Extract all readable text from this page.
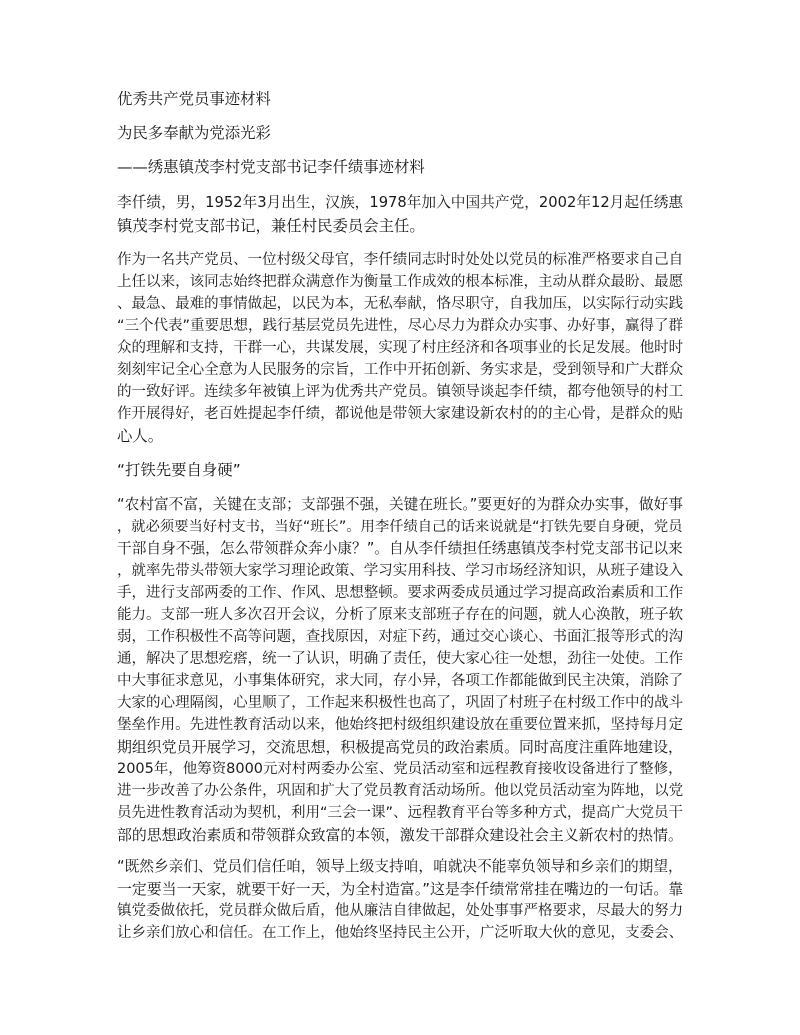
优秀共产党员事迹材料
为民多奉献为党添光彩
——绣惠镇茂李村党支部书记李仟绩事迹材料
李仟绩，男，1952年3月出生，汉族，1978年加入中国共产党，2002年12月起任绣惠
镇茂李村党支部书记，兼任村民委员会主任。
作为一名共产党员、一位村级父母官，李仟绩同志时时处处以党员的标准严格要求自己自
上任以来，该同志始终把群众满意作为衡量工作成效的根本标准，主动从群众最盼、最愿
、最急、最难的事情做起，以民为本，无私奉献，恪尽职守，自我加压，以实际行动实践
“三个代表”重要思想，践行基层党员先进性，尽心尽力为群众办实事、办好事，赢得了群
众的理解和支持，干群一心，共谋发展，实现了村庄经济和各项事业的长足发展。他时时
刻刻牢记全心全意为人民服务的宗旨，工作中开拓创新、务实求是，受到领导和广大群众
的一致好评。连续多年被镇上评为优秀共产党员。镇领导谈起李仟绩，都夸他领导的村工
作开展得好，老百姓提起李仟绩，都说他是带领大家建设新农村的的主心骨，是群众的贴
心人。
“打铁先要自身硬”
“农村富不富，关键在支部；支部强不强，关键在班长。”要更好的为群众办实事，做好事
，就必须要当好村支书，当好“班长”。用李仟绩自己的话来说就是“打铁先要自身硬，党员
干部自身不强，怎么带领群众奔小康？”。自从李仟绩担任绣惠镇茂李村党支部书记以来
，就率先带头带领大家学习理论政策、学习实用科技、学习市场经济知识，从班子建设入
手，进行支部两委的工作、作风、思想整顿。要求两委成员通过学习提高政治素质和工作
能力。支部一班人多次召开会议，分析了原来支部班子存在的问题，就人心涣散，班子软
弱，工作积极性不高等问题，查找原因，对症下药，通过交心谈心、书面汇报等形式的沟
通，解决了思想疙瘩，统一了认识，明确了责任，使大家心往一处想，劲往一处使。工作
中大事征求意见，小事集体研究，求大同，存小异，各项工作都能做到民主决策，消除了
大家的心理隔阂，心里顺了，工作起来积极性也高了，巩固了村班子在村级工作中的战斗
堡垒作用。先进性教育活动以来，他始终把村级组织建设放在重要位置来抓，坚持每月定
期组织党员开展学习，交流思想，积极提高党员的政治素质。同时高度注重阵地建设，
2005年，他筹资8000元对村两委办公室、党员活动室和远程教育接收设备进行了整修，
进一步改善了办公条件，巩固和扩大了党员教育活动场所。他以党员活动室为阵地，以党
员先进性教育活动为契机，利用“三会一课”、远程教育平台等多种方式，提高广大党员干
部的思想政治素质和带领群众致富的本领，激发干部群众建设社会主义新农村的热情。
“既然乡亲们、党员们信任咱，领导上级支持咱，咱就决不能辜负领导和乡亲们的期望，
一定要当一天家，就要干好一天，为全村造富。”这是李仟绩常常挂在嘴边的一句话。靠
镇党委做依托，党员群众做后盾，他从廉洁自律做起，处处事事严格要求，尽最大的努力
让乡亲们放心和信任。在工作上，他始终坚持民主公开，广泛听取大伙的意见，支委会、
